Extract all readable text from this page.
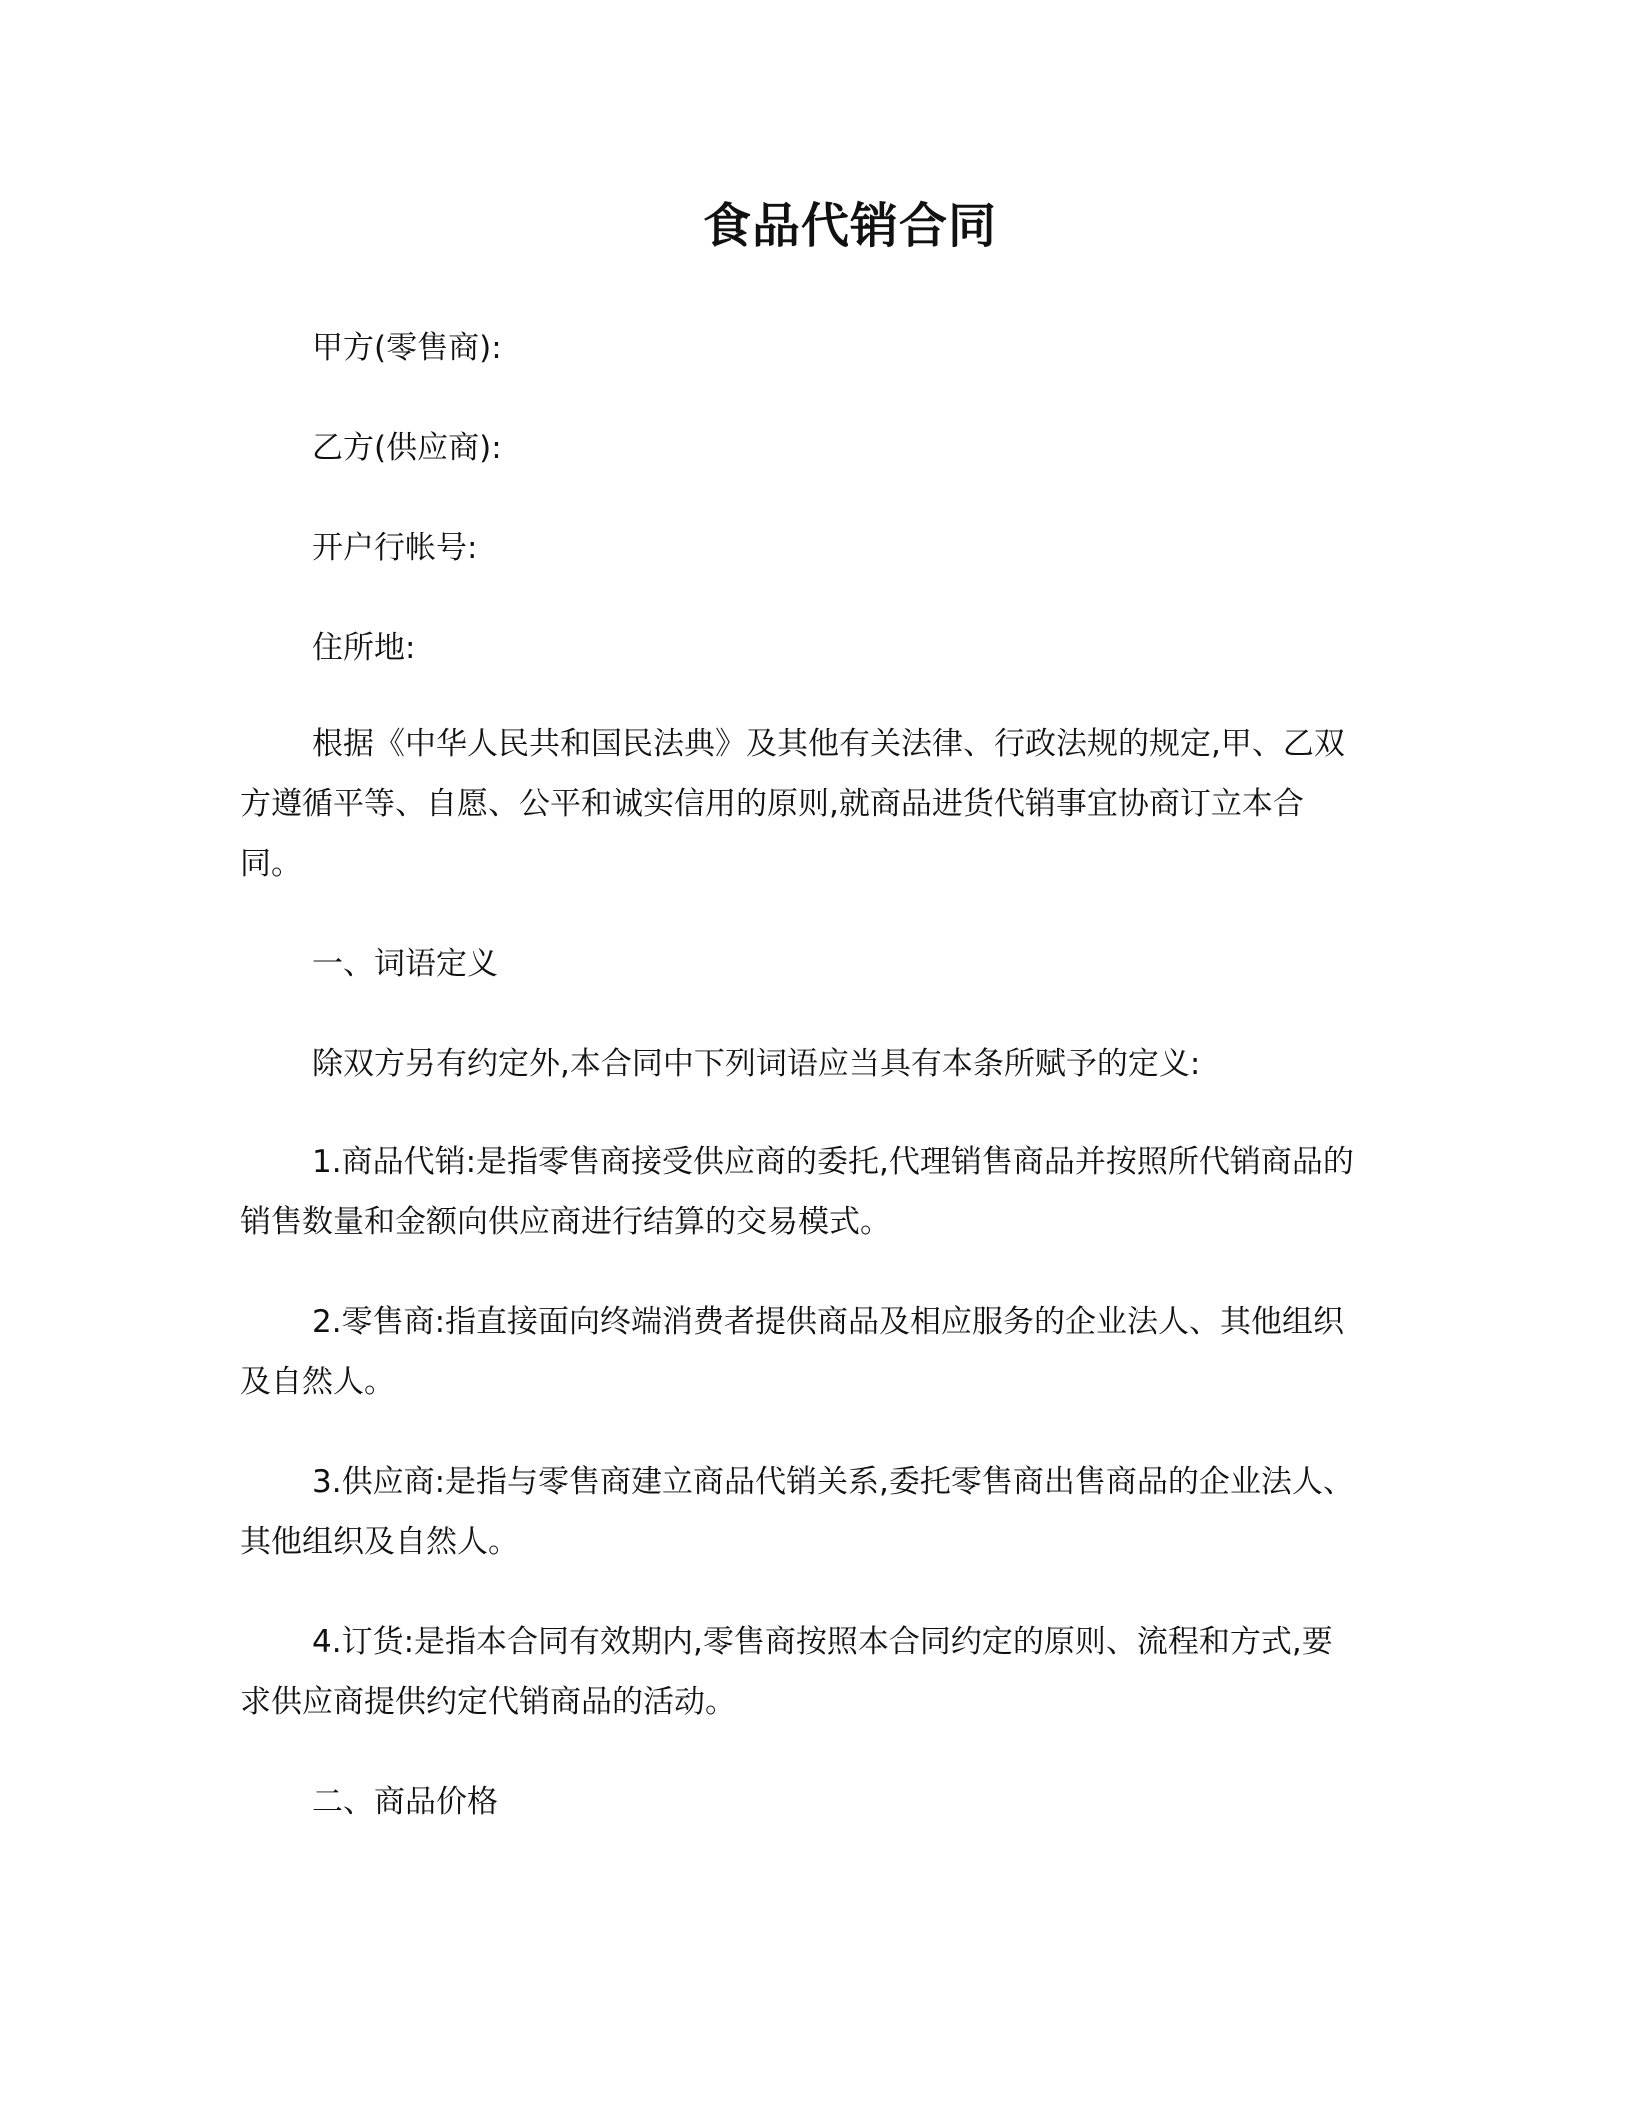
食品代销合同

甲方(零售商):

乙方(供应商):

开户行帐号:

住所地:

根据《中华人民共和国民法典》及其他有关法律、行政法规的规定,甲、乙双
方遵循平等、自愿、公平和诚实信用的原则,就商品进货代销事宜协商订立本合
同。

一、词语定义

除双方另有约定外,本合同中下列词语应当具有本条所赋予的定义:

1.商品代销:是指零售商接受供应商的委托,代理销售商品并按照所代销商品的
销售数量和金额向供应商进行结算的交易模式。
2.零售商:指直接面向终端消费者提供商品及相应服务的企业法人、其他组织
及自然人。
3.供应商:是指与零售商建立商品代销关系,委托零售商出售商品的企业法人、
其他组织及自然人。
4.订货:是指本合同有效期内,零售商按照本合同约定的原则、流程和方式,要
求供应商提供约定代销商品的活动。

二、商品价格
